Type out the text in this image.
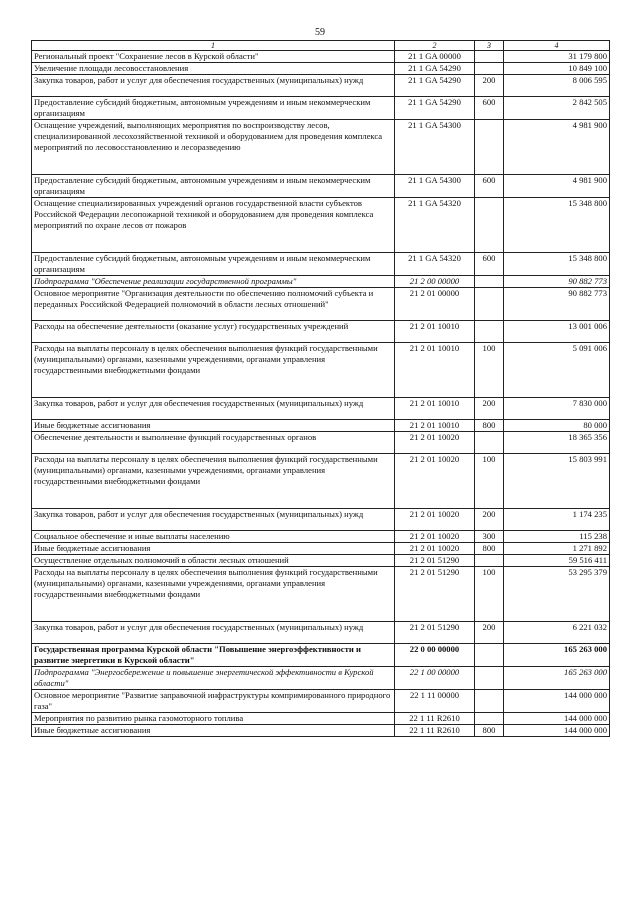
59
1	2	3	4
Региональный проект "Сохранение лесов в Курской области"	21 1 GA 00000		31 179 800
Увеличение площади лесовосстановления	21 1 GA 54290		10 849 100
Закупка товаров, работ и услуг для обеспечения государственных (муниципальных) нужд	21 1 GA 54290	200	8 006 595
Предоставление субсидий бюджетным, автономным учреждениям и иным некоммерческим организациям	21 1 GA 54290	600	2 842 505
Оснащение учреждений, выполняющих мероприятия по воспроизводству лесов, специализированной лесохозяйственной техникой и оборудованием для проведения комплекса мероприятий по лесовосстановлению и лесоразведению	21 1 GA 54300		4 981 900
Предоставление субсидий бюджетным, автономным учреждениям и иным некоммерческим организациям	21 1 GA 54300	600	4 981 900
Оснащение специализированных учреждений органов государственной власти субъектов Российской Федерации лесопожарной техникой и оборудованием для проведения комплекса мероприятий по охране лесов от пожаров	21 1 GA 54320		15 348 800
Предоставление субсидий бюджетным, автономным учреждениям и иным некоммерческим организациям	21 1 GA 54320	600	15 348 800
Подпрограмма "Обеспечение реализации государственной программы"	21 2 00 00000		90 882 773
Основное мероприятие "Организация деятельности по обеспечению полномочий субъекта и переданных Российской Федерацией полномочий в области лесных отношений"	21 2 01 00000		90 882 773
Расходы на обеспечение деятельности (оказание услуг) государственных учреждений	21 2 01 10010		13 001 006
Расходы на выплаты персоналу в целях обеспечения выполнения функций государственными (муниципальными) органами, казенными учреждениями, органами управления государственными внебюджетными фондами	21 2 01 10010	100	5 091 006
Закупка товаров, работ и услуг для обеспечения государственных (муниципальных) нужд	21 2 01 10010	200	7 830 000
Иные бюджетные ассигнования	21 2 01 10010	800	80 000
Обеспечение деятельности и выполнение функций государственных органов	21 2 01 10020		18 365 356
Расходы на выплаты персоналу в целях обеспечения выполнения функций государственными (муниципальными) органами, казенными учреждениями, органами управления государственными внебюджетными фондами	21 2 01 10020	100	15 803 991
Закупка товаров, работ и услуг для обеспечения государственных (муниципальных) нужд	21 2 01 10020	200	1 174 235
Социальное обеспечение и иные выплаты населению	21 2 01 10020	300	115 238
Иные бюджетные ассигнования	21 2 01 10020	800	1 271 892
Осуществление отдельных полномочий в области лесных отношений	21 2 01 51290		59 516 411
Расходы на выплаты персоналу в целях обеспечения выполнения функций государственными (муниципальными) органами, казенными учреждениями, органами управления государственными внебюджетными фондами	21 2 01 51290	100	53 295 379
Закупка товаров, работ и услуг для обеспечения государственных (муниципальных) нужд	21 2 01 51290	200	6 221 032
Государственная программа Курской области "Повышение энергоэффективности и развитие энергетики в Курской области"	22 0 00 00000		165 263 000
Подпрограмма "Энергосбережение и повышение энергетической эффективности в Курской области"	22 1 00 00000		165 263 000
Основное мероприятие "Развитие заправочной инфраструктуры компримированного природного газа"	22 1 11 00000		144 000 000
Мероприятия по развитию рынка газомоторного топлива	22 1 11 R2610		144 000 000
Иные бюджетные ассигнования	22 1 11 R2610	800	144 000 000
